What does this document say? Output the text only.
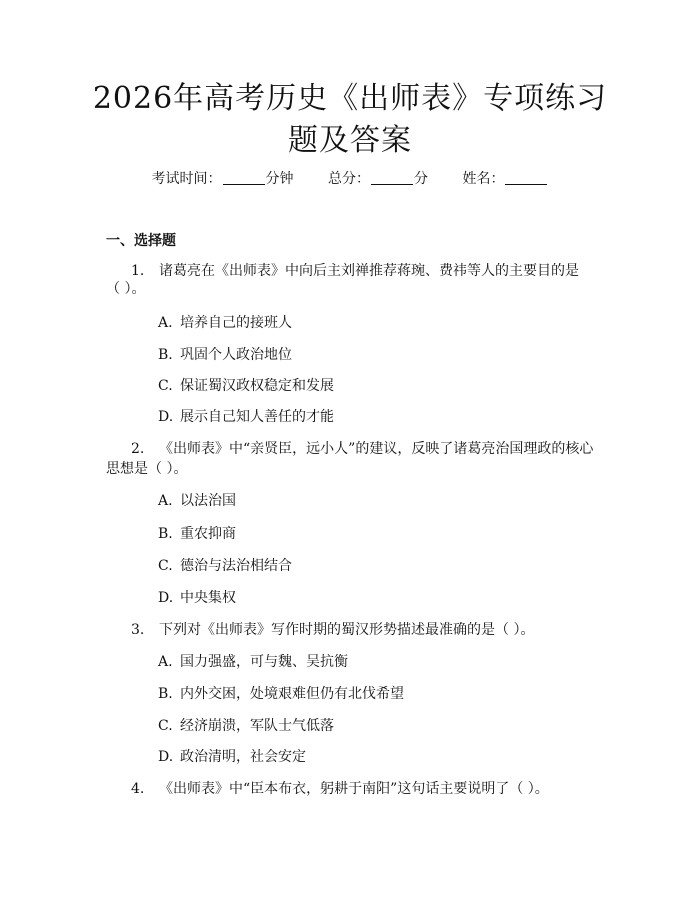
2026年高考历史《出师表》专项练习题及答案
考试时间：	分钟 总分：	分 姓名：
一、选择题
1. 诸葛亮在《出师表》中向后主刘禅推荐蒋琬、费祎等人的主要目的是
（ ）。
A. 培养自己的接班人
B. 巩固个人政治地位
C. 保证蜀汉政权稳定和发展
D. 展示自己知人善任的才能
2. 《出师表》中“亲贤臣，远小人”的建议，反映了诸葛亮治国理政的核心
思想是（ ）。
A. 以法治国
B. 重农抑商
C. 德治与法治相结合
D. 中央集权
3. 下列对《出师表》写作时期的蜀汉形势描述最准确的是（ ）。
A. 国力强盛，可与魏、吴抗衡
B. 内外交困，处境艰难但仍有北伐希望
C. 经济崩溃，军队士气低落
D. 政治清明，社会安定
4. 《出师表》中“臣本布衣，躬耕于南阳”这句话主要说明了（ ）。
